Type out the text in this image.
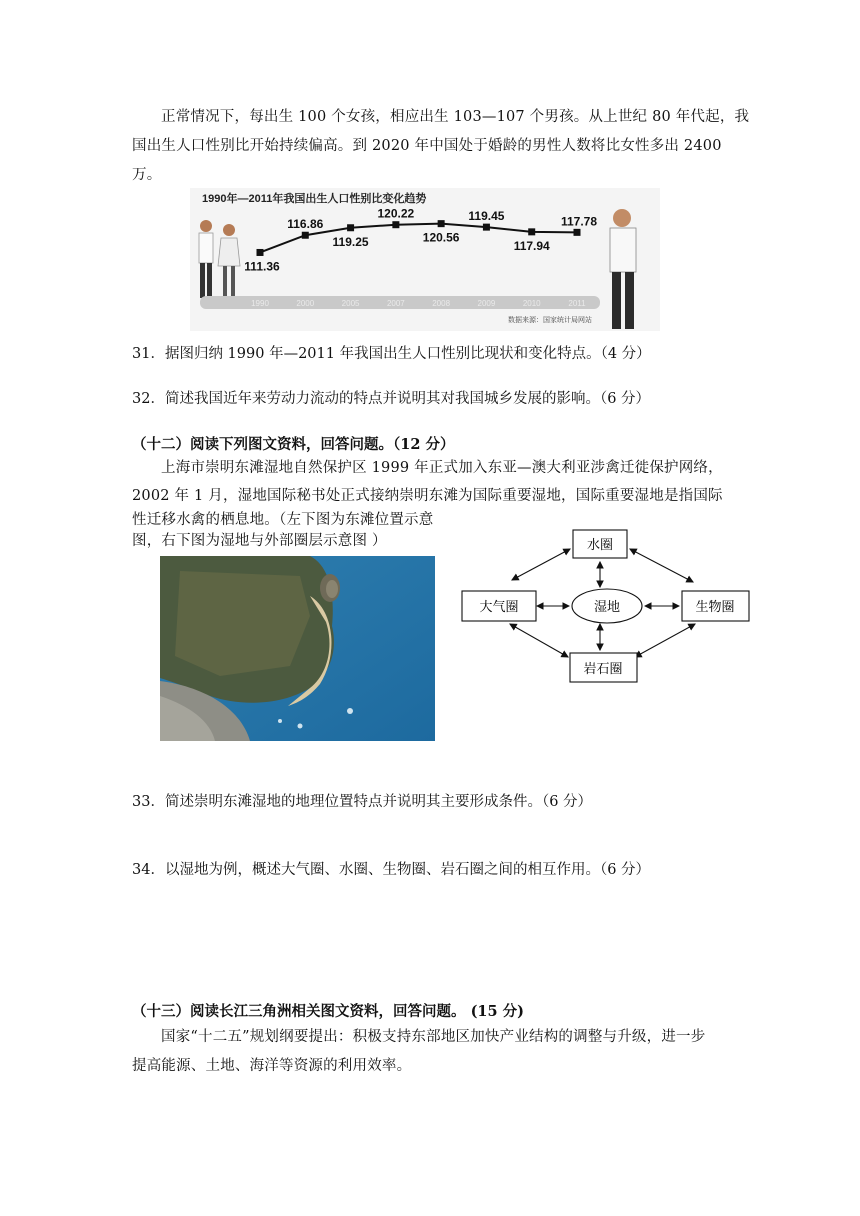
正常情况下，每出生 100 个女孩，相应出生 103—107 个男孩。从上世纪 80 年代起，我
国出生人口性别比开始持续偏高。到 2020 年中国处于婚龄的男性人数将比女性多出 2400
万。
1990年—2011年我国出生人口性别比变化趋势
111.36
1990
116.86
2000
119.25
2005
120.22
2007
120.56
2008
119.45
2009
117.94
2010
117.78
2011
数据来源：国家统计局网站
31．据图归纳 1990 年—2011 年我国出生人口性别比现状和变化特点。（4 分）
32．简述我国近年来劳动力流动的特点并说明其对我国城乡发展的影响。（6 分）
（十二）阅读下列图文资料，回答问题。（12 分）
上海市崇明东滩湿地自然保护区 1999 年正式加入东亚—澳大利亚涉禽迁徙保护网络，
2002 年 1 月，湿地国际秘书处正式接纳崇明东滩为国际重要湿地，国际重要湿地是指国际
性迁移水禽的栖息地。（左下图为东滩位置示意
图，右下图为湿地与外部圈层示意图 ）	水圈
大气圈	生物圈
岩石圈
湿地
33．简述崇明东滩湿地的地理位置特点并说明其主要形成条件。（6 分）
34．以湿地为例，概述大气圈、水圈、生物圈、岩石圈之间的相互作用。（6 分）
（十三）阅读长江三角洲相关图文资料，回答问题。 (15 分)
国家“十二五”规划纲要提出：积极支持东部地区加快产业结构的调整与升级，进一步
提高能源、土地、海洋等资源的利用效率。
